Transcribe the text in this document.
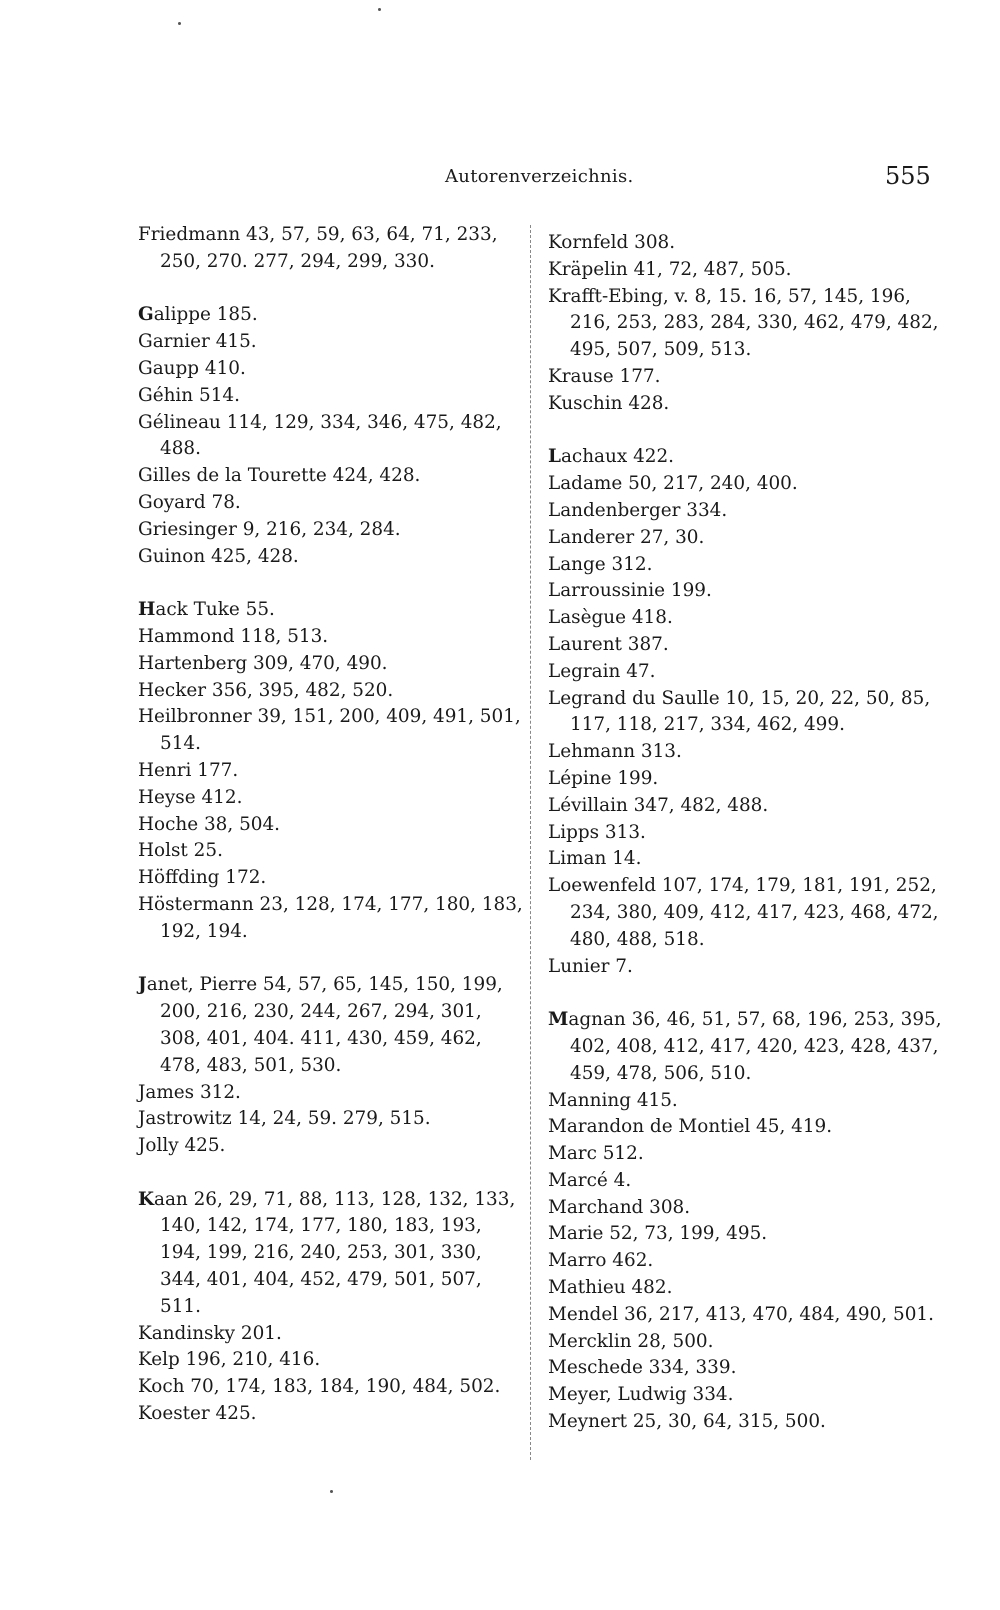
Autorenverzeichnis.	555

Friedmann 43, 57, 59, 63, 64, 71, 233, 250, 270. 277, 294, 299, 330.

Galippe 185.

Garnier 415.

Gaupp 410.

Géhin 514.

Gélineau 114, 129, 334, 346, 475, 482, 488.

Gilles de la Tourette 424, 428.

Goyard 78.

Griesinger 9, 216, 234, 284.

Guinon 425, 428.

Hack Tuke 55.

Hammond 118, 513.

Hartenberg 309, 470, 490.

Hecker 356, 395, 482, 520.

Heilbronner 39, 151, 200, 409, 491, 501, 514.

Henri 177.

Heyse 412.

Hoche 38, 504.

Holst 25.

Höffding 172.

Höstermann 23, 128, 174, 177, 180, 183, 192, 194.

Janet, Pierre 54, 57, 65, 145, 150, 199, 200, 216, 230, 244, 267, 294, 301, 308, 401, 404. 411, 430, 459, 462, 478, 483, 501, 530.

James 312.

Jastrowitz 14, 24, 59. 279, 515.

Jolly 425.

Kaan 26, 29, 71, 88, 113, 128, 132, 133, 140, 142, 174, 177, 180, 183, 193, 194, 199, 216, 240, 253, 301, 330, 344, 401, 404, 452, 479, 501, 507, 511.

Kandinsky 201.

Kelp 196, 210, 416.

Koch 70, 174, 183, 184, 190, 484, 502.

Koester 425.

Kornfeld 308.

Kräpelin 41, 72, 487, 505.

Krafft-Ebing, v. 8, 15. 16, 57, 145, 196, 216, 253, 283, 284, 330, 462, 479, 482, 495, 507, 509, 513.

Krause 177.

Kuschin 428.

Lachaux 422.

Ladame 50, 217, 240, 400.

Landenberger 334.

Landerer 27, 30.

Lange 312.

Larroussinie 199.

Lasègue 418.

Laurent 387.

Legrain 47.

Legrand du Saulle 10, 15, 20, 22, 50, 85, 117, 118, 217, 334, 462, 499.

Lehmann 313.

Lépine 199.

Lévillain 347, 482, 488.

Lipps 313.

Liman 14.

Loewenfeld 107, 174, 179, 181, 191, 252, 234, 380, 409, 412, 417, 423, 468, 472, 480, 488, 518.

Lunier 7.

Magnan 36, 46, 51, 57, 68, 196, 253, 395, 402, 408, 412, 417, 420, 423, 428, 437, 459, 478, 506, 510.

Manning 415.

Marandon de Montiel 45, 419.

Marc 512.

Marcé 4.

Marchand 308.

Marie 52, 73, 199, 495.

Marro 462.

Mathieu 482.

Mendel 36, 217, 413, 470, 484, 490, 501.

Mercklin 28, 500.

Meschede 334, 339.

Meyer, Ludwig 334.

Meynert 25, 30, 64, 315, 500.
